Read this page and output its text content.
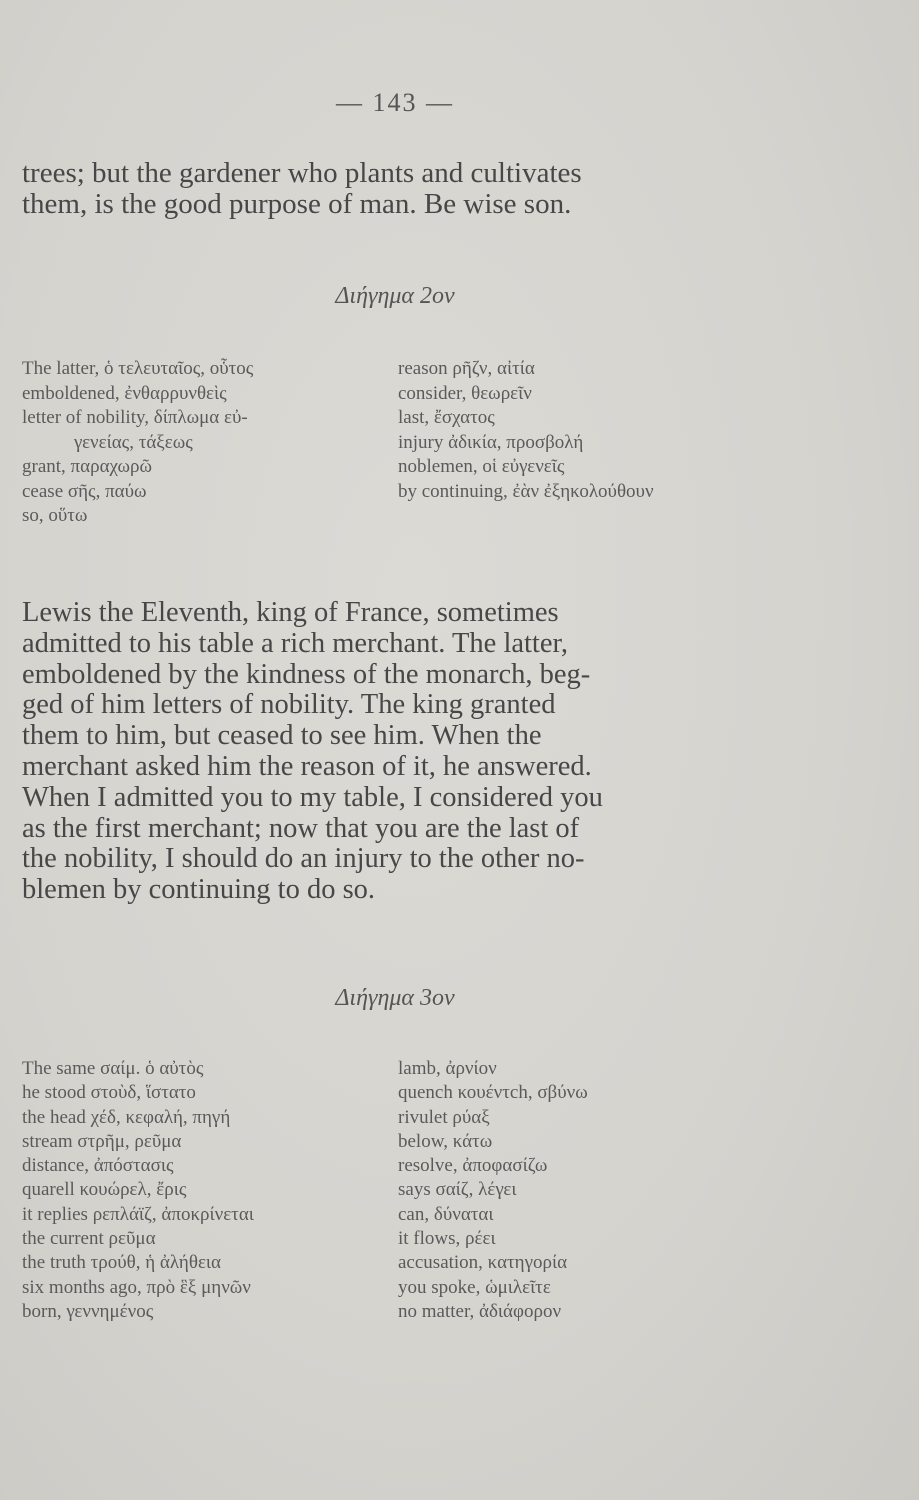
— 143 —
trees; but the gardener who plants and cultivates
them, is the good purpose of man. Be wise son.
Διήγημα 2ον
The latter, ὁ τελευταῖος, οὗτος
emboldened, ἐνθαρρυνθεὶς
letter of nobility, δίπλωμα εὐ-
γενείας, τάξεως
grant, παραχωρῶ
cease σῆς, παύω
so, οὕτω
reason ρῆζν, αἰτία
consider, θεωρεῖν
last, ἔσχατος
injury ἀδικία, προσβολή
noblemen, οἱ εὐγενεῖς
by continuing, ἐὰν ἐξηκολούθουν
Lewis the Eleventh, king of France, sometimes
admitted to his table a rich merchant. The latter,
emboldened by the kindness of the monarch, beg-
ged of him letters of nobility. The king granted
them to him, but ceased to see him. When the
merchant asked him the reason of it, he answered.
When I admitted you to my table, I considered you
as the first merchant; now that you are the last of
the nobility, I should do an injury to the other no-
blemen by continuing to do so.
Διήγημα 3ον
The same σαίμ. ὁ αὐτὸς
he stood στοὺδ, ἵστατο
the head χέδ, κεφαλή, πηγή
stream στρῆμ, ρεῦμα
distance, ἀπόστασις
quarell κουώρελ, ἔρις
it replies ρεπλάϊζ, ἀποκρίνεται
the current ρεῦμα
the truth τρούθ, ἡ ἀλήθεια
six months ago, πρὸ ἓξ μηνῶν
born, γεννημένος
lamb, ἀρνίον
quench κουέντch, σβύνω
rivulet ρύαξ
below, κάτω
resolve, ἀποφασίζω
says σαίζ, λέγει
can, δύναται
it flows, ρέει
accusation, κατηγορία
you spoke, ὡμιλεῖτε
no matter, ἀδιάφορον
